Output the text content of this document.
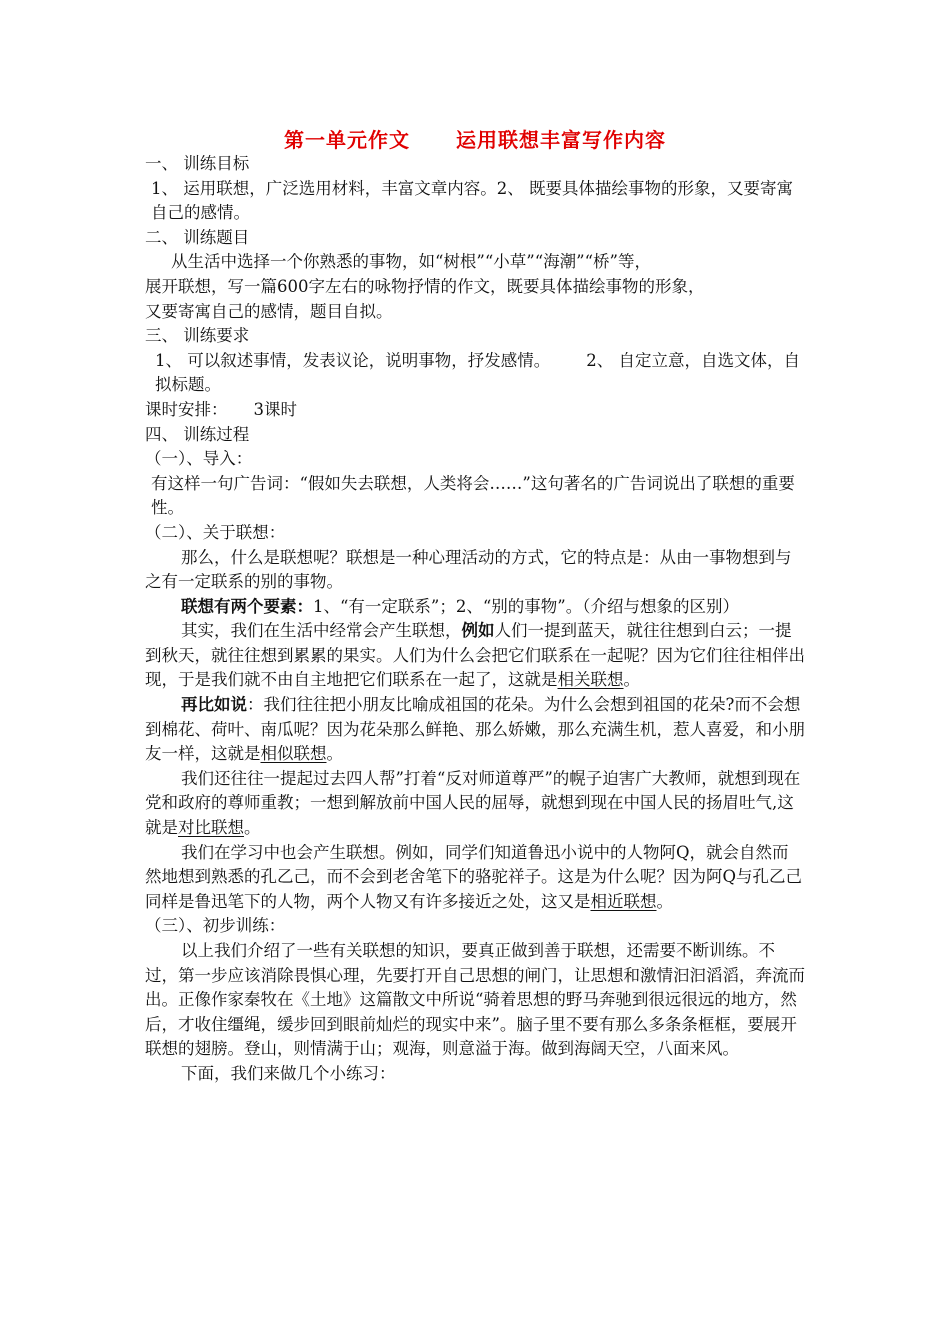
第一单元作文 运用联想丰富写作内容

一、 训练目标

1、 运用联想，广泛选用材料，丰富文章内容。2、 既要具体描绘事物的形象，又要寄寓自己的感情。

二、 训练题目

从生活中选择一个你熟悉的事物，如“树根”“小草”“海潮”“桥”等，

展开联想，写一篇600字左右的咏物抒情的作文，既要具体描绘事物的形象，

又要寄寓自己的感情，题目自拟。

三、 训练要求

1、 可以叙述事情，发表议论，说明事物，抒发感情。 2、 自定立意，自选文体，自拟标题。

课时安排： 3课时

四、 训练过程

（一）、导入：

有这样一句广告词：“假如失去联想，人类将会……”这句著名的广告词说出了联想的重要性。

（二）、关于联想：

那么，什么是联想呢？联想是一种心理活动的方式，它的特点是：从由一事物想到与之有一定联系的别的事物。

联想有两个要素：1、“有一定联系”；2、“别的事物”。（介绍与想象的区别）

其实，我们在生活中经常会产生联想，例如人们一提到蓝天，就往往想到白云；一提到秋天，就往往想到累累的果实。人们为什么会把它们联系在一起呢？因为它们往往相伴出现，于是我们就不由自主地把它们联系在一起了，这就是相关联想。

再比如说：我们往往把小朋友比喻成祖国的花朵。为什么会想到祖国的花朵?而不会想到棉花、荷叶、南瓜呢？因为花朵那么鲜艳、那么娇嫩，那么充满生机，惹人喜爱，和小朋友一样，这就是相似联想。

我们还往往一提起过去四人帮”打着“反对师道尊严”的幌子迫害广大教师，就想到现在党和政府的尊师重教；一想到解放前中国人民的屈辱，就想到现在中国人民的扬眉吐气,这就是对比联想。

我们在学习中也会产生联想。例如，同学们知道鲁迅小说中的人物阿Q，就会自然而然地想到熟悉的孔乙己，而不会到老舍笔下的骆驼祥子。这是为什么呢？因为阿Q与孔乙己同样是鲁迅笔下的人物，两个人物又有许多接近之处，这又是相近联想。

（三）、初步训练：

以上我们介绍了一些有关联想的知识，要真正做到善于联想，还需要不断训练。不过，第一步应该消除畏惧心理，先要打开自己思想的闸门，让思想和激情汩汩滔滔，奔流而出。正像作家秦牧在《土地》这篇散文中所说“骑着思想的野马奔驰到很远很远的地方，然后，才收住缰绳，缓步回到眼前灿烂的现实中来”。脑子里不要有那么多条条框框，要展开联想的翅膀。登山，则情满于山；观海，则意溢于海。做到海阔天空，八面来风。

下面，我们来做几个小练习：
